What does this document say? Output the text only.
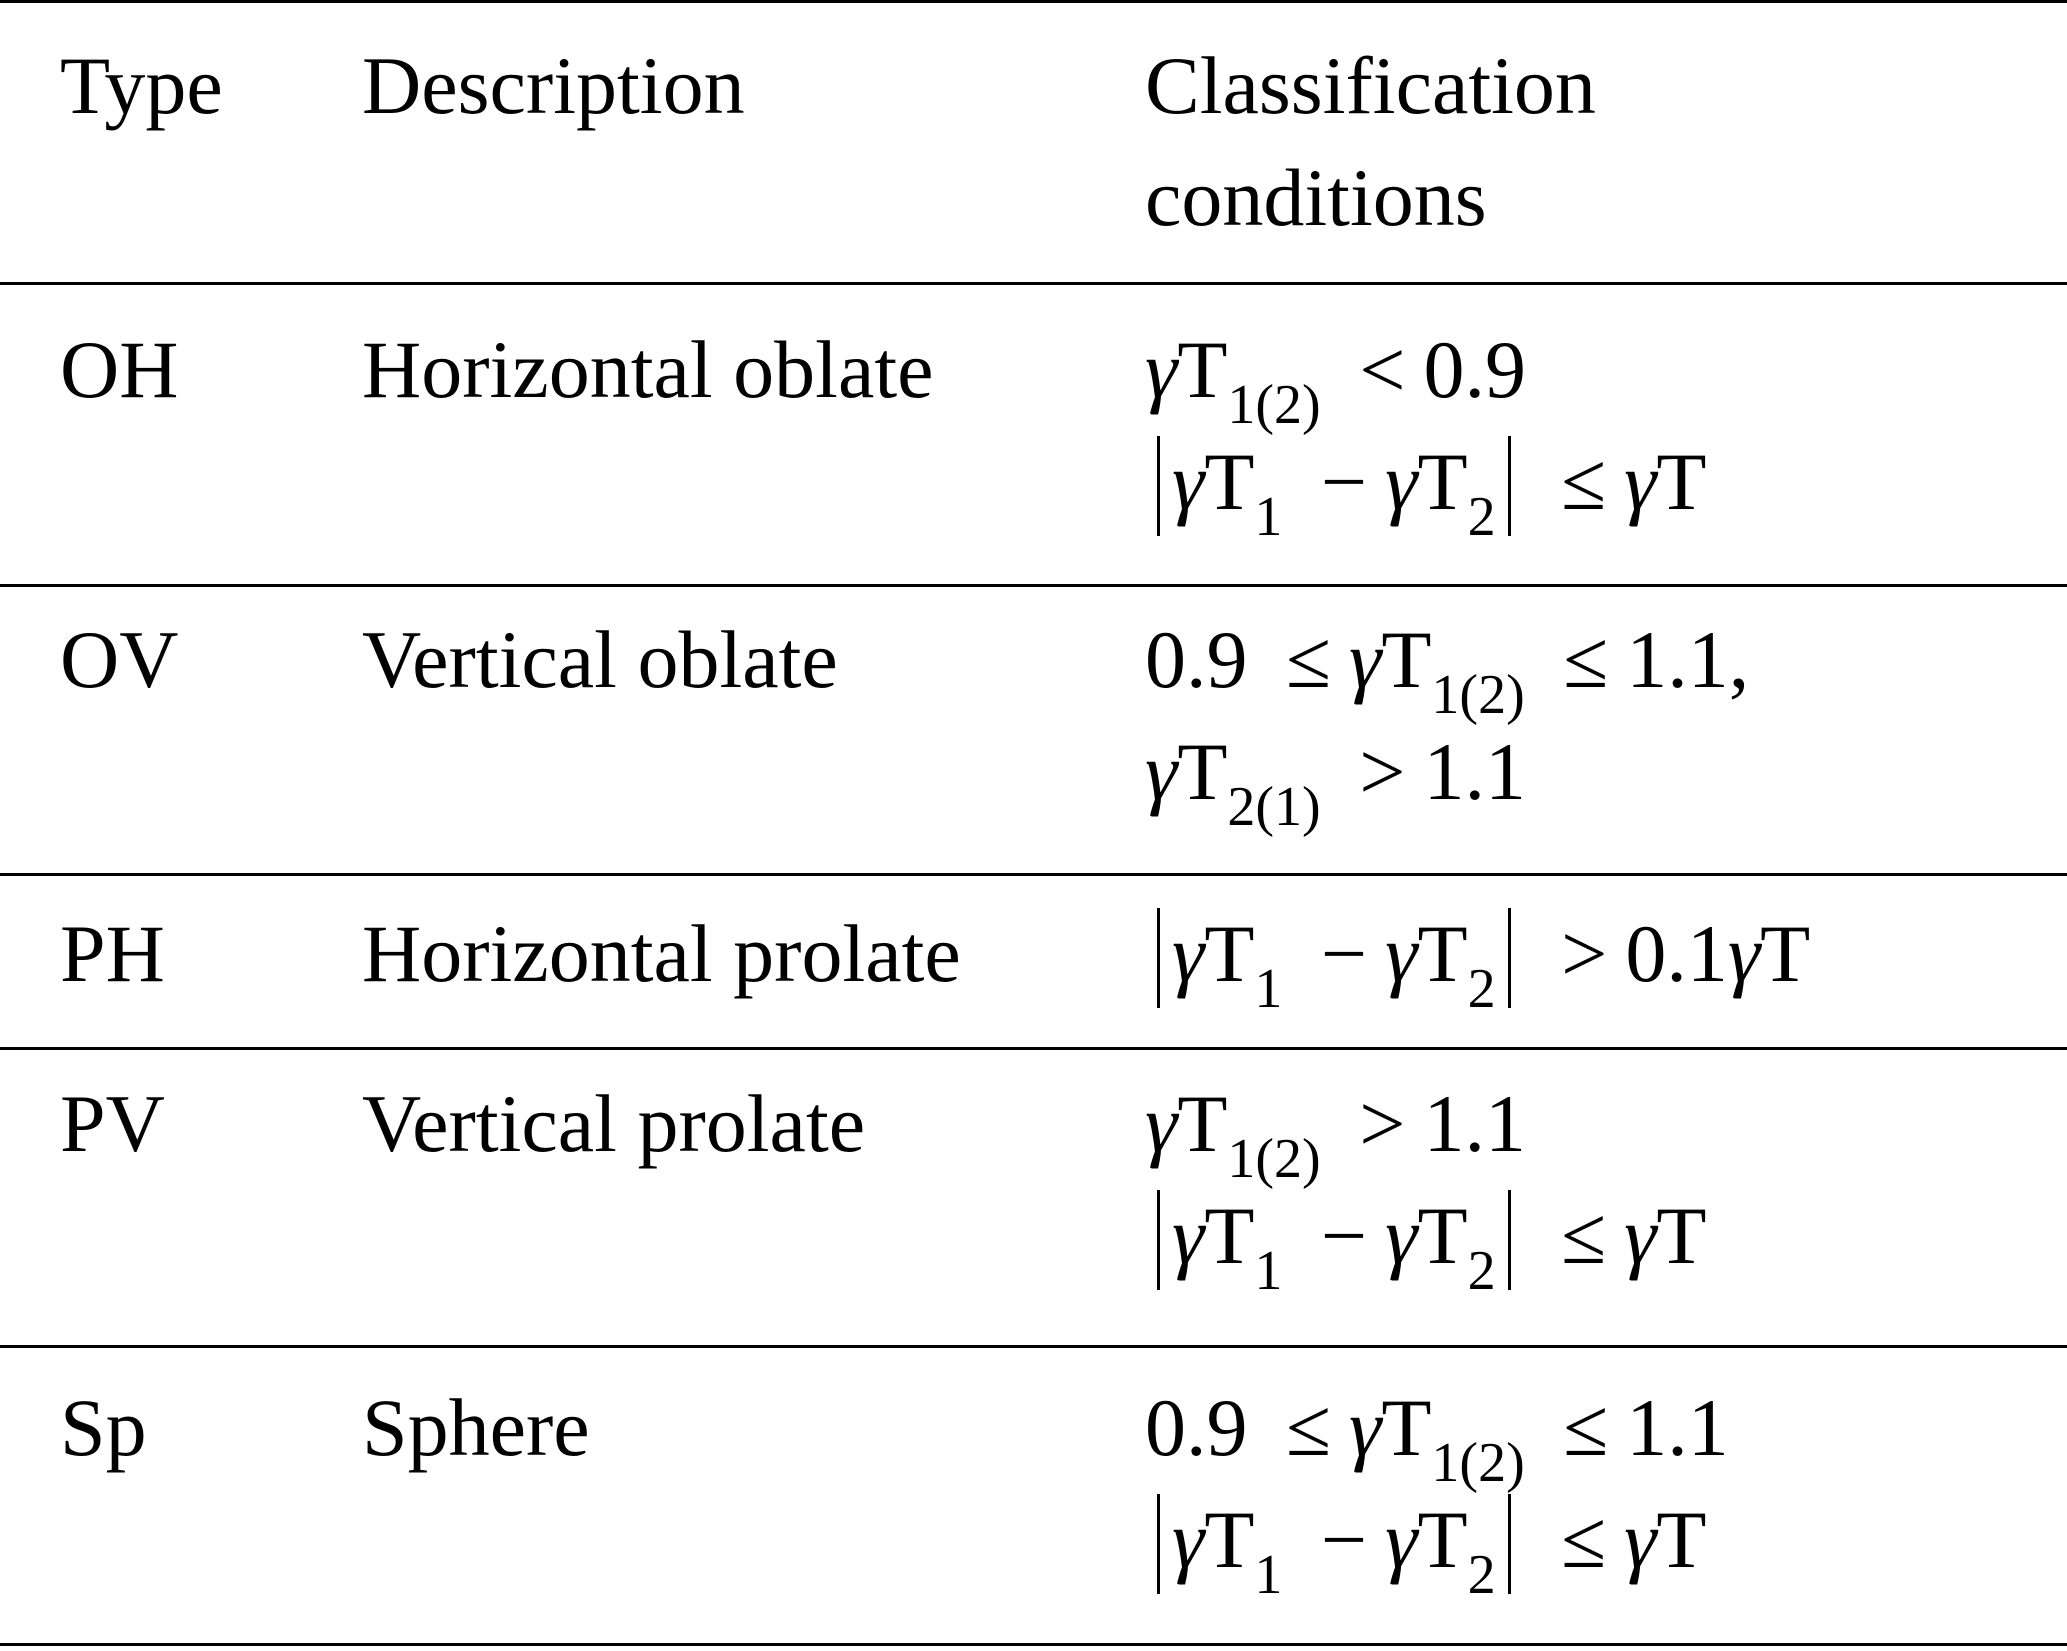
Type Description	Classification
conditions
OH Horizontal oblate	$\gamma T_{1(2)} < 0.9$
$\gamma T_1 - \gamma T_2 \le \gamma T$
OV Vertical oblate	$0.9 \le \gamma T_{1(2)} \le 1.1$,
$\gamma T_{2(1)} > 1.1$
PH Horizontal prolate	$\gamma T_1 - \gamma T_2 > 0.1\gamma T$
PV Vertical prolate	$\gamma T_{1(2)} > 1.1$
$\gamma T_1 - \gamma T_2 \le \gamma T$
Sp	Sphere	$0.9 \le \gamma T_{1(2)} \le 1.1$
$\gamma T_1 - \gamma T_2 \le \gamma T$
